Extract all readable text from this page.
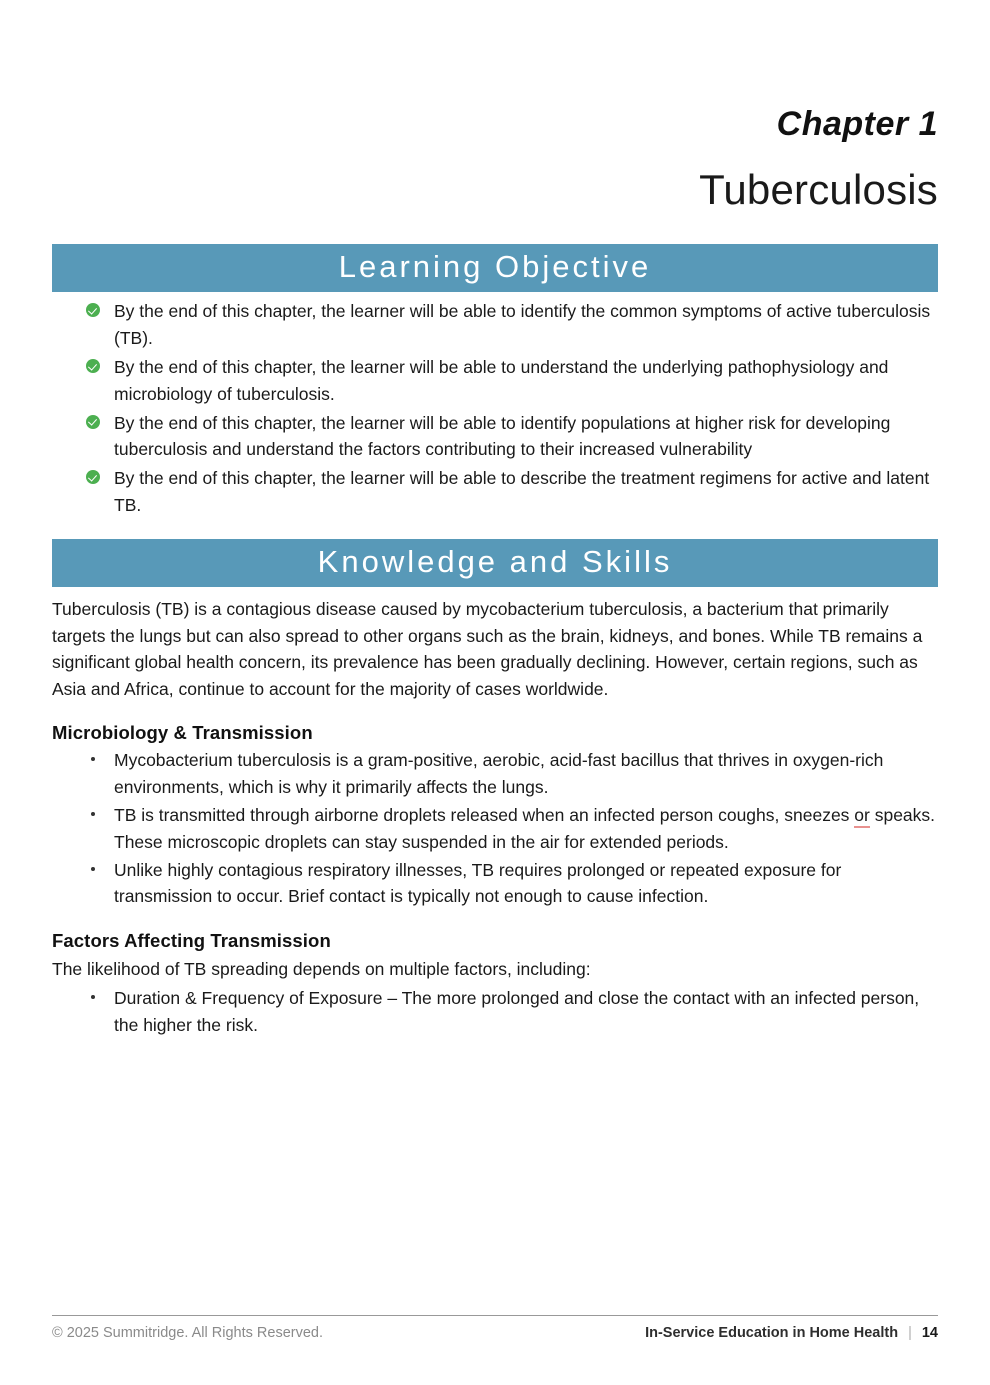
Chapter 1
Tuberculosis
Learning Objective
By the end of this chapter, the learner will be able to identify the common symptoms of active tuberculosis (TB).
By the end of this chapter, the learner will be able to understand the underlying pathophysiology and microbiology of tuberculosis.
By the end of this chapter, the learner will be able to identify populations at higher risk for developing tuberculosis and understand the factors contributing to their increased vulnerability
By the end of this chapter, the learner will be able to describe the treatment regimens for active and latent TB.
Knowledge and Skills

Tuberculosis (TB) is a contagious disease caused by mycobacterium tuberculosis, a bacterium that primarily targets the lungs but can also spread to other organs such as the brain, kidneys, and bones. While TB remains a significant global health concern, its prevalence has been gradually declining. However, certain regions, such as Asia and Africa, continue to account for the majority of cases worldwide.

Microbiology & Transmission
Mycobacterium tuberculosis is a gram-positive, aerobic, acid-fast bacillus that thrives in oxygen-rich environments, which is why it primarily affects the lungs.
TB is transmitted through airborne droplets released when an infected person coughs, sneezes or speaks. These microscopic droplets can stay suspended in the air for extended periods.
Unlike highly contagious respiratory illnesses, TB requires prolonged or repeated exposure for transmission to occur. Brief contact is typically not enough to cause infection.
Factors Affecting Transmission

The likelihood of TB spreading depends on multiple factors, including:

Duration & Frequency of Exposure – The more prolonged and close the contact with an infected person, the higher the risk.
© 2025 Summitridge. All Rights Reserved.	In-Service Education in Home Health | 14
